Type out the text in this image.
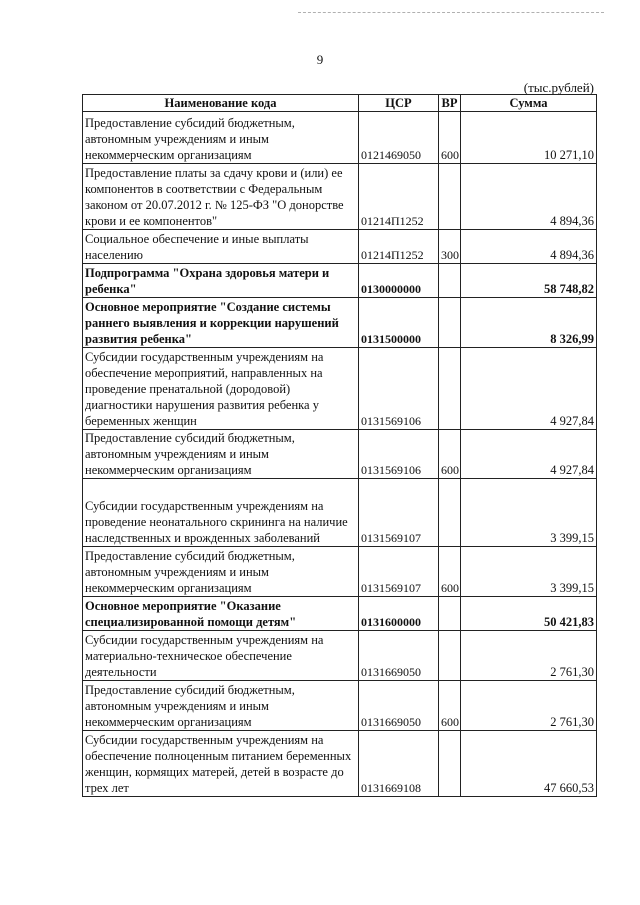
9
(тыс.рублей)
Наименование кода	ЦСР	ВР	Сумма
Предоставление субсидий бюджетным, автономным учреждениям и иным некоммерческим организациям	0121469050	600	10 271,10
Предоставление платы за сдачу крови и (или) ее компонентов в соответствии с Федеральным законом от 20.07.2012 г. № 125-ФЗ "О донорстве крови и ее компонентов"	01214П1252		4 894,36
Социальное обеспечение и иные выплаты населению	01214П1252	300	4 894,36
Подпрограмма "Охрана здоровья матери и ребенка"	0130000000		58 748,82
Основное мероприятие "Создание системы раннего выявления и коррекции нарушений развития ребенка"	0131500000		8 326,99
Субсидии государственным учреждениям на обеспечение мероприятий, направленных на проведение пренатальной (дородовой) диагностики нарушения развития ребенка у беременных женщин	0131569106		4 927,84
Предоставление субсидий бюджетным, автономным учреждениям и иным некоммерческим организациям	0131569106	600	4 927,84
Субсидии государственным учреждениям на проведение неонатального скрининга на наличие наследственных и врожденных заболеваний	0131569107		3 399,15
Предоставление субсидий бюджетным, автономным учреждениям и иным некоммерческим организациям	0131569107	600	3 399,15
Основное мероприятие "Оказание специализированной помощи детям"	0131600000		50 421,83
Субсидии государственным учреждениям на материально-техническое обеспечение деятельности	0131669050		2 761,30
Предоставление субсидий бюджетным, автономным учреждениям и иным некоммерческим организациям	0131669050	600	2 761,30
Субсидии государственным учреждениям на обеспечение полноценным питанием беременных женщин, кормящих матерей, детей в возрасте до трех лет	0131669108		47 660,53
